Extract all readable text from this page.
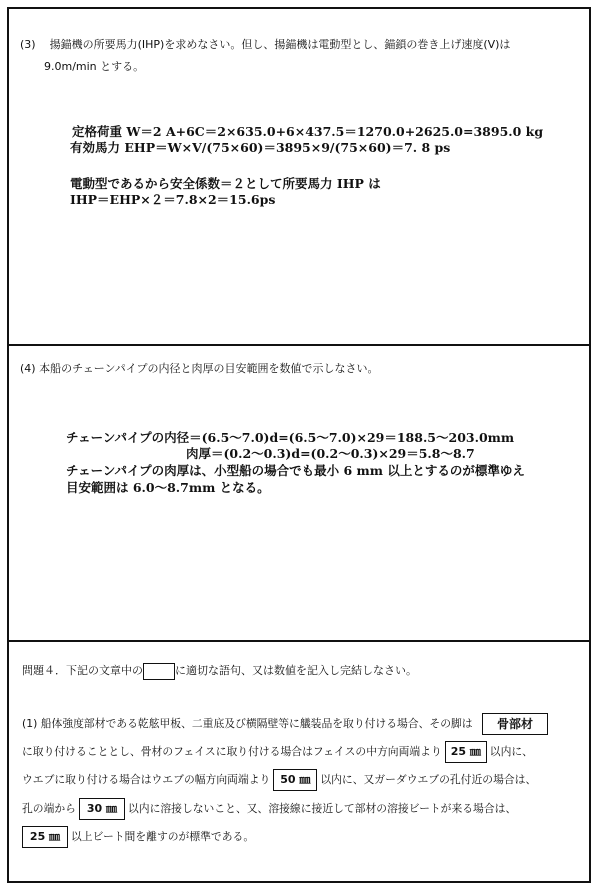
(3) 揚錨機の所要馬力(IHP)を求めなさい。但し、揚錨機は電動型とし、錨鎖の巻き上げ速度(V)は
9.0m/min とする。
定格荷重 W＝2 A+6C＝2×635.0+6×437.5＝1270.0+2625.0=3895.0 kg
有効馬力 EHP＝W×V/(75×60)＝3895×9/(75×60)＝7. 8 ps
電動型であるから安全係数＝２として所要馬力 IHP は
IHP＝EHP×２＝7.8×2＝15.6ps
(4) 本船のチェーンパイプの内径と肉厚の目安範囲を数値で示しなさい。
チェーンパイプの内径＝(6.5～7.0)d=(6.5～7.0)×29＝188.5～203.0mm
肉厚＝(0.2～0.3)d=(0.2～0.3)×29＝5.8～8.7
チェーンパイプの肉厚は、小型船の場合でも最小 6 mm 以上とするのが標準ゆえ
目安範囲は 6.0～8.7mm となる。
問題４．下記の文章中の	に適切な語句、又は数値を記入し完結しなさい。
(1) 船体強度部材である乾舷甲板、二重底及び横隔壁等に艤装品を取り付ける場合、その脚は 骨部材
に取り付けることとし、骨材のフェイスに取り付ける場合はフェイスの中方向両端より 25 ㎜ 以内に、
ウエブに取り付ける場合はウエブの幅方向両端より 50 ㎜ 以内に、又ガーダウエブの孔付近の場合は、
孔の端から 30 ㎜ 以内に溶接しないこと、又、溶接線に接近して部材の溶接ビートが来る場合は、
25 ㎜ 以上ビート間を離すのが標準である。
